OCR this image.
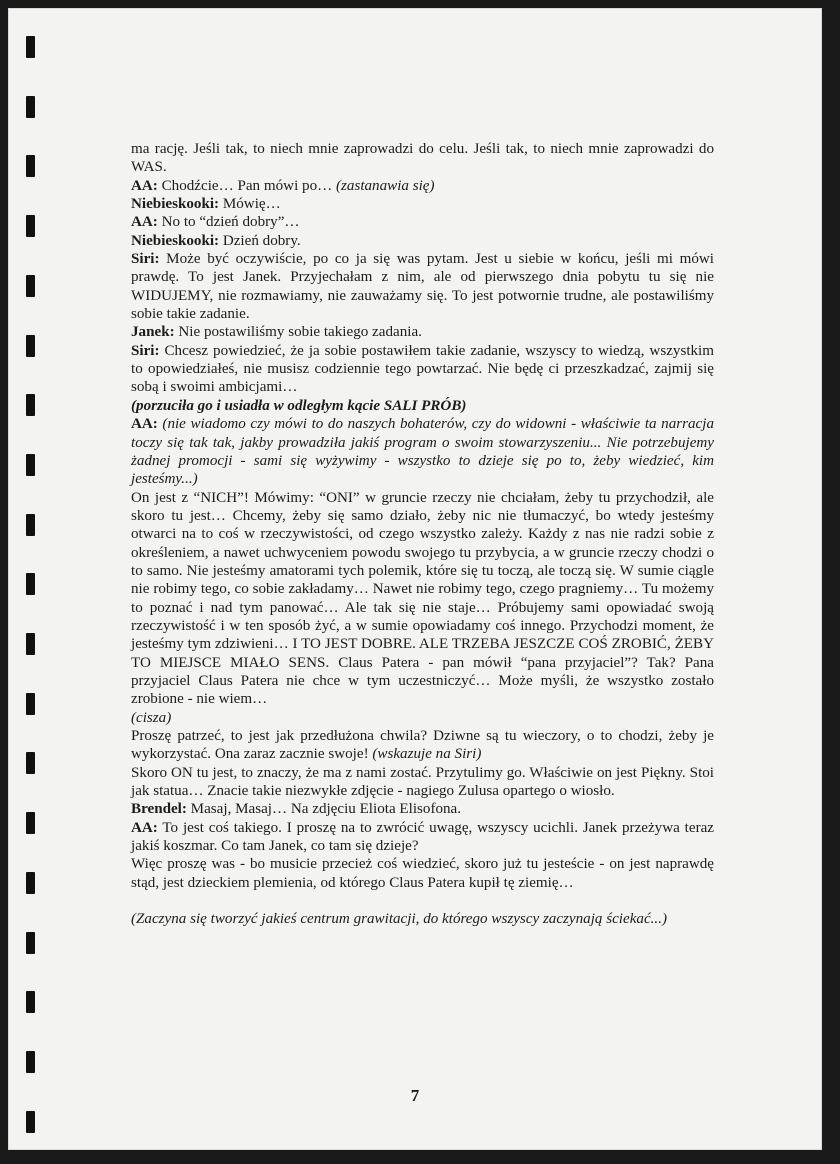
ma rację. Jeśli tak, to niech mnie zaprowadzi do celu. Jeśli tak, to niech mnie zaprowadzi do WAS.

AA: Chodźcie… Pan mówi po… (zastanawia się)

Niebieskooki: Mówię…

AA: No to “dzień dobry”…

Niebieskooki: Dzień dobry.

Siri: Może być oczywiście, po co ja się was pytam. Jest u siebie w końcu, jeśli mi mówi prawdę. To jest Janek. Przyjechałam z nim, ale od pierwszego dnia pobytu tu się nie WIDUJEMY, nie rozmawiamy, nie zauważamy się. To jest potwornie trudne, ale postawiliśmy sobie takie zadanie.

Janek: Nie postawiliśmy sobie takiego zadania.

Siri: Chcesz powiedzieć, że ja sobie postawiłem takie zadanie, wszyscy to wiedzą, wszystkim to opowiedziałeś, nie musisz codziennie tego powtarzać. Nie będę ci przeszkadzać, zajmij się sobą i swoimi ambicjami…

(porzuciła go i usiadła w odległym kącie SALI PRÓB)

AA: (nie wiadomo czy mówi to do naszych bohaterów, czy do widowni - właściwie ta narracja toczy się tak tak, jakby prowadziła jakiś program o swoim stowarzyszeniu... Nie potrzebujemy żadnej promocji - sami się wyżywimy - wszystko to dzieje się po to, żeby wiedzieć, kim jesteśmy...)

On jest z “NICH”! Mówimy: “ONI” w gruncie rzeczy nie chciałam, żeby tu przychodził, ale skoro tu jest… Chcemy, żeby się samo działo, żeby nic nie tłumaczyć, bo wtedy jesteśmy otwarci na to coś w rzeczywistości, od czego wszystko zależy. Każdy z nas nie radzi sobie z określeniem, a nawet uchwyceniem powodu swojego tu przybycia, a w gruncie rzeczy chodzi o to samo. Nie jesteśmy amatorami tych polemik, które się tu toczą, ale toczą się. W sumie ciągle nie robimy tego, co sobie zakładamy… Nawet nie robimy tego, czego pragniemy… Tu możemy to poznać i nad tym panować… Ale tak się nie staje… Próbujemy sami opowiadać swoją rzeczywistość i w ten sposób żyć, a w sumie opowiadamy coś innego. Przychodzi moment, że jesteśmy tym zdziwieni… I TO JEST DOBRE. ALE TRZEBA JESZCZE COŚ ZROBIĆ, ŻEBY TO MIEJSCE MIAŁO SENS. Claus Patera - pan mówił “pana przyjaciel”? Tak? Pana przyjaciel Claus Patera nie chce w tym uczestniczyć… Może myśli, że wszystko zostało zrobione - nie wiem…

(cisza)

Proszę patrzeć, to jest jak przedłużona chwila? Dziwne są tu wieczory, o to chodzi, żeby je wykorzystać. Ona zaraz zacznie swoje! (wskazuje na Siri)

Skoro ON tu jest, to znaczy, że ma z nami zostać. Przytulimy go. Właściwie on jest Piękny. Stoi jak statua… Znacie takie niezwykłe zdjęcie - nagiego Zulusa opartego o wiosło.

Brendel: Masaj, Masaj… Na zdjęciu Eliota Elisofona.

AA: To jest coś takiego. I proszę na to zwrócić uwagę, wszyscy ucichli. Janek przeżywa teraz jakiś koszmar. Co tam Janek, co tam się dzieje?

Więc proszę was - bo musicie przecież coś wiedzieć, skoro już tu jesteście - on jest naprawdę stąd, jest dzieckiem plemienia, od którego Claus Patera kupił tę ziemię…

(Zaczyna się tworzyć jakieś centrum grawitacji, do którego wszyscy zaczynają ściekać...)

7
